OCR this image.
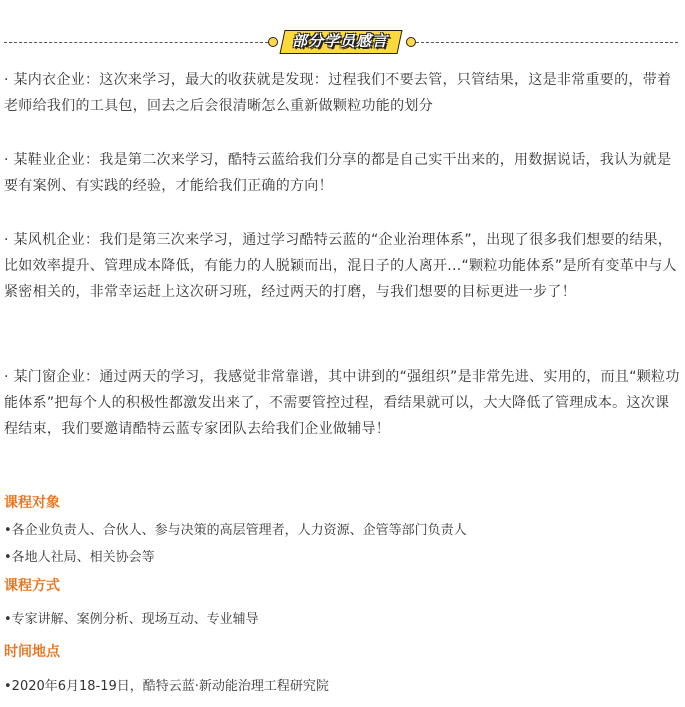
部分学员感言

· 某内衣企业：这次来学习，最大的收获就是发现：过程我们不要去管，只管结果，这是非常重要的，带着老师给我们的工具包，回去之后会很清晰怎么重新做颗粒功能的划分

· 某鞋业企业：我是第二次来学习，酷特云蓝给我们分享的都是自己实干出来的，用数据说话，我认为就是要有案例、有实践的经验，才能给我们正确的方向！

· 某风机企业：我们是第三次来学习，通过学习酷特云蓝的“企业治理体系”，出现了很多我们想要的结果，比如效率提升、管理成本降低，有能力的人脱颖而出，混日子的人离开...“颗粒功能体系”是所有变革中与人紧密相关的，非常幸运赶上这次研习班，经过两天的打磨，与我们想要的目标更进一步了！

· 某门窗企业：通过两天的学习，我感觉非常靠谱，其中讲到的“强组织”是非常先进、实用的，而且“颗粒功能体系”把每个人的积极性都激发出来了，不需要管控过程，看结果就可以，大大降低了管理成本。这次课程结束，我们要邀请酷特云蓝专家团队去给我们企业做辅导！

课程对象

•各企业负责人、合伙人、参与决策的高层管理者，人力资源、企管等部门负责人

•各地人社局、相关协会等

课程方式

•专家讲解、案例分析、现场互动、专业辅导

时间地点

•2020年6月18-19日，酷特云蓝·新动能治理工程研究院
